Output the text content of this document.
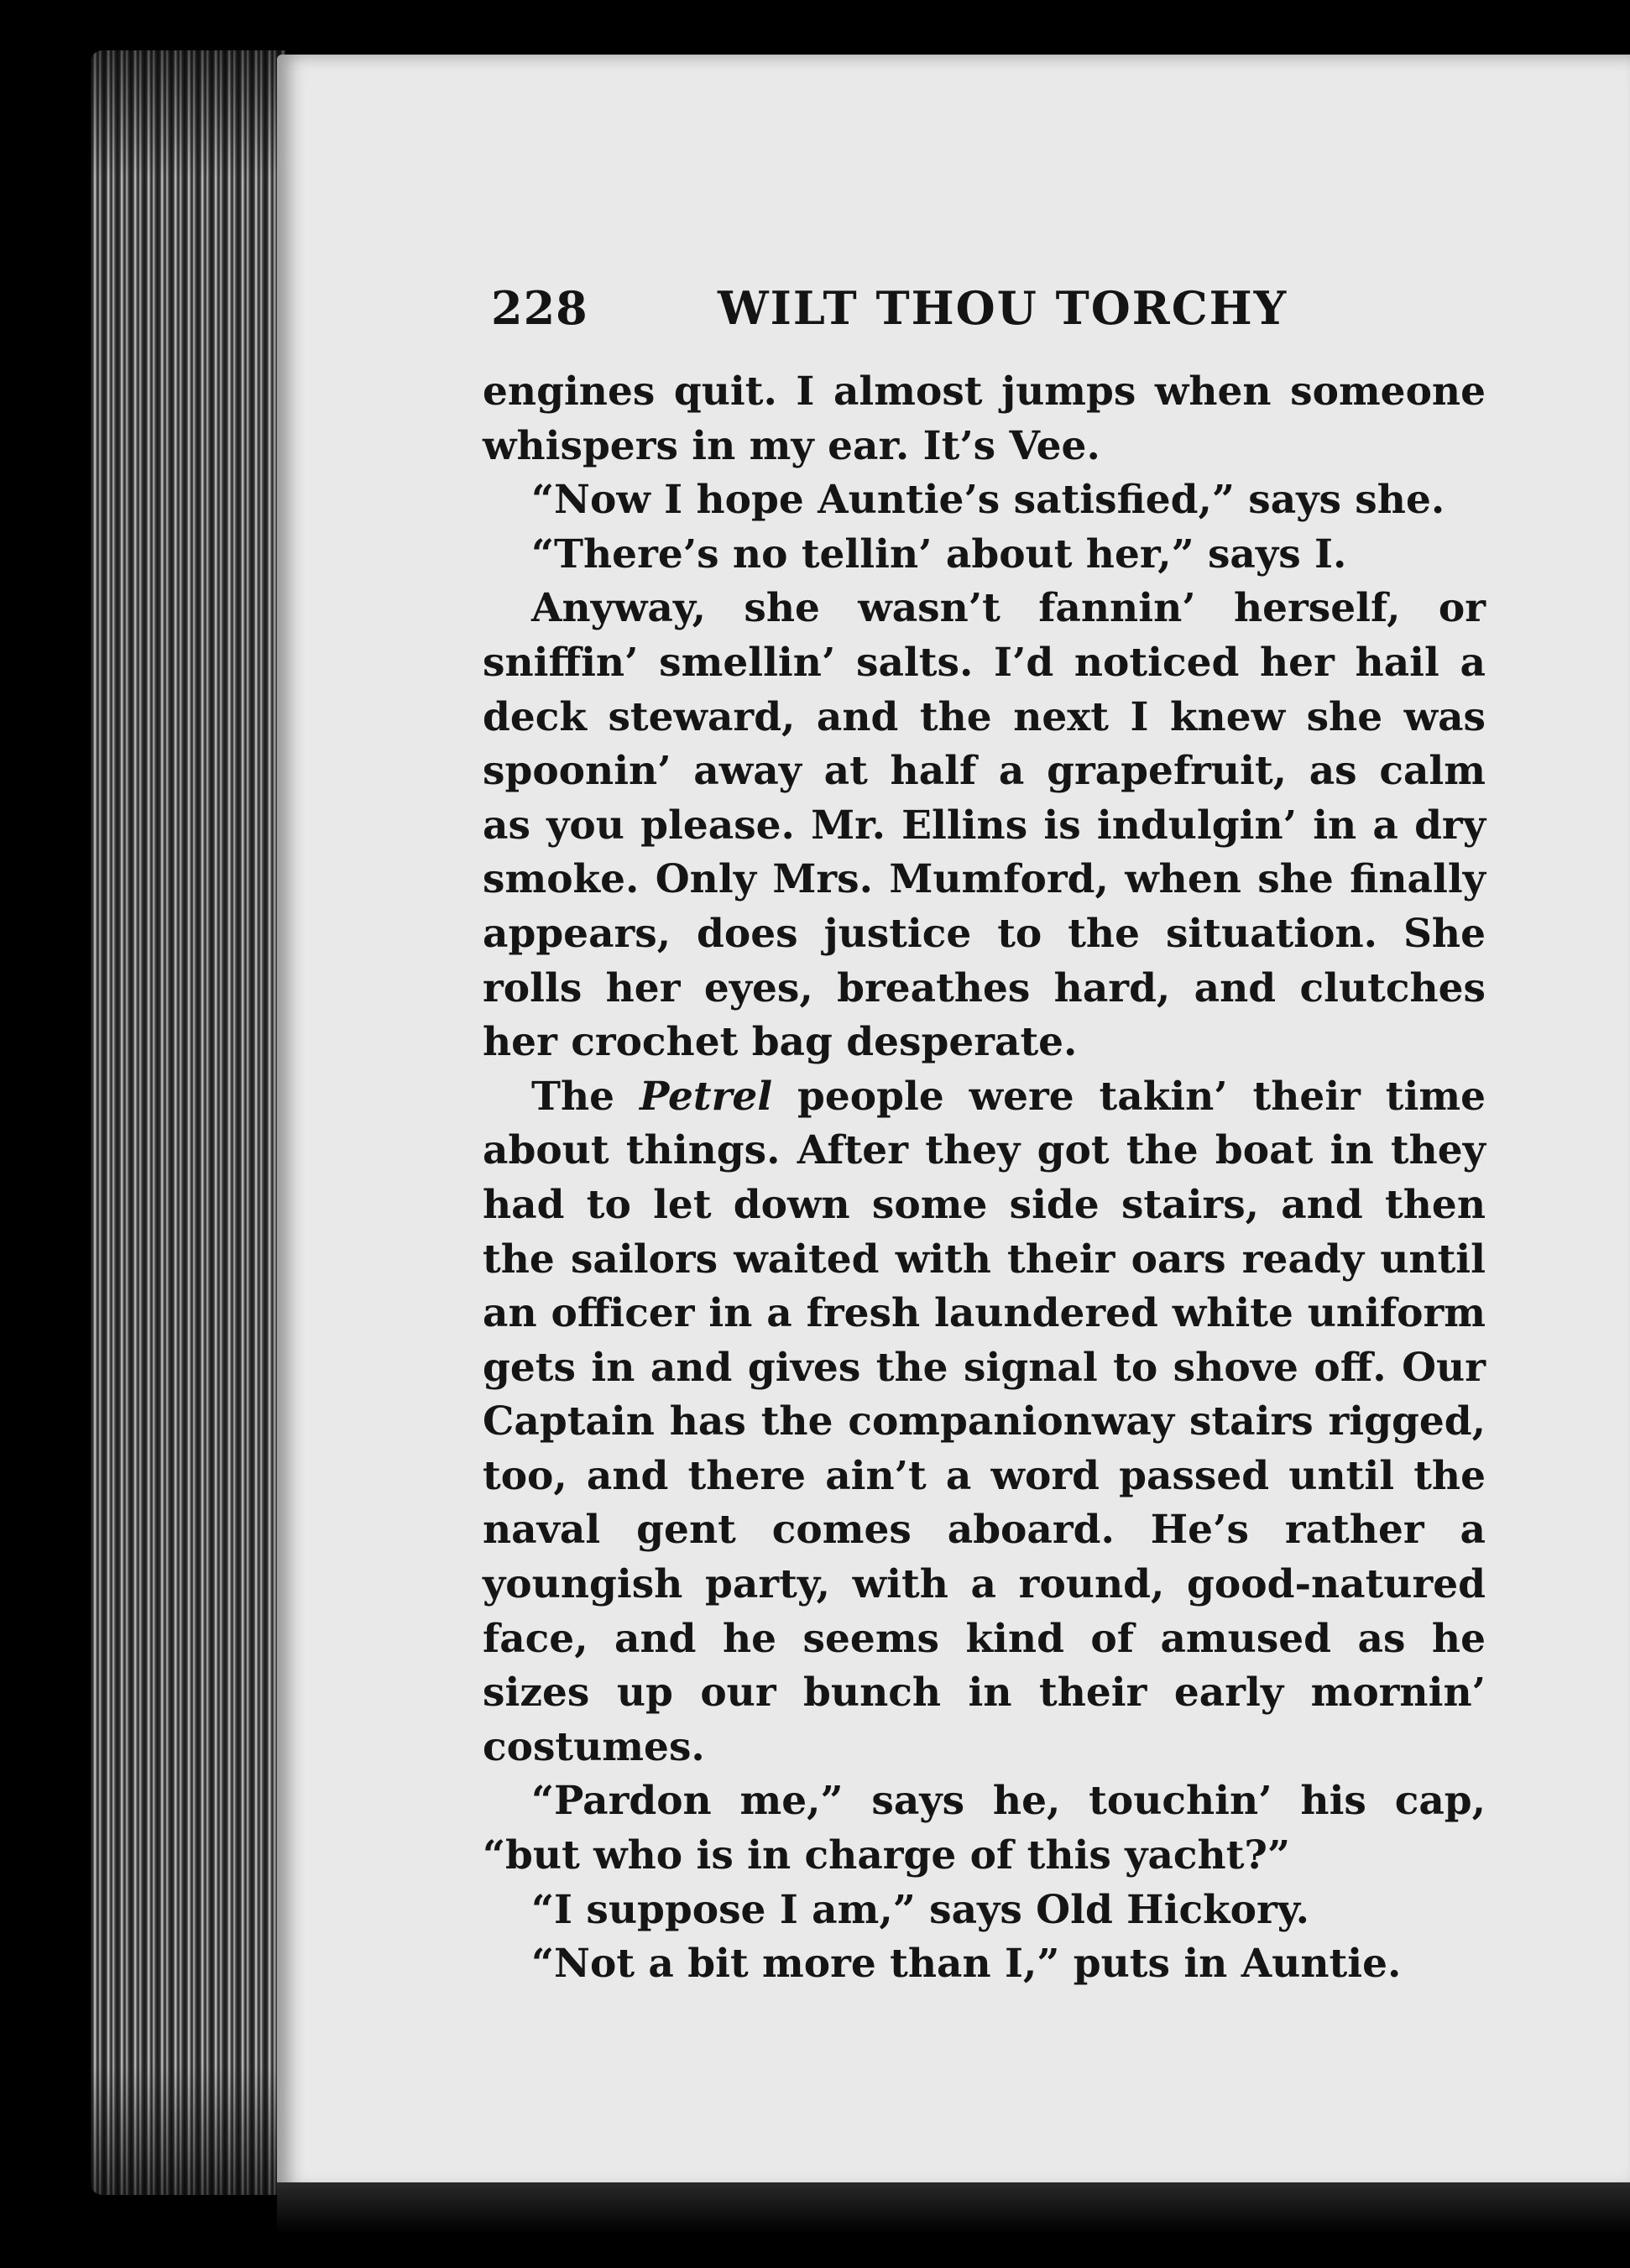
228	WILT THOU TORCHY

engines quit. I almost jumps when someone whispers in my ear. It’s Vee.

“Now I hope Auntie’s satisfied,” says she.

“There’s no tellin’ about her,” says I.

Anyway, she wasn’t fannin’ herself, or sniffin’ smellin’ salts. I’d noticed her hail a deck steward, and the next I knew she was spoonin’ away at half a grapefruit, as calm as you please. Mr. Ellins is indulgin’ in a dry smoke. Only Mrs. Mumford, when she finally appears, does justice to the situation. She rolls her eyes, breathes hard, and clutches her crochet bag desperate.

The Petrel people were takin’ their time about things. After they got the boat in they had to let down some side stairs, and then the sailors waited with their oars ready until an officer in a fresh laundered white uniform gets in and gives the signal to shove off. Our Captain has the companionway stairs rigged, too, and there ain’t a word passed until the naval gent comes aboard. He’s rather a youngish party, with a round, good-natured face, and he seems kind of amused as he sizes up our bunch in their early mornin’ costumes.

“Pardon me,” says he, touchin’ his cap, “but who is in charge of this yacht?”

“I suppose I am,” says Old Hickory.

“Not a bit more than I,” puts in Auntie.
